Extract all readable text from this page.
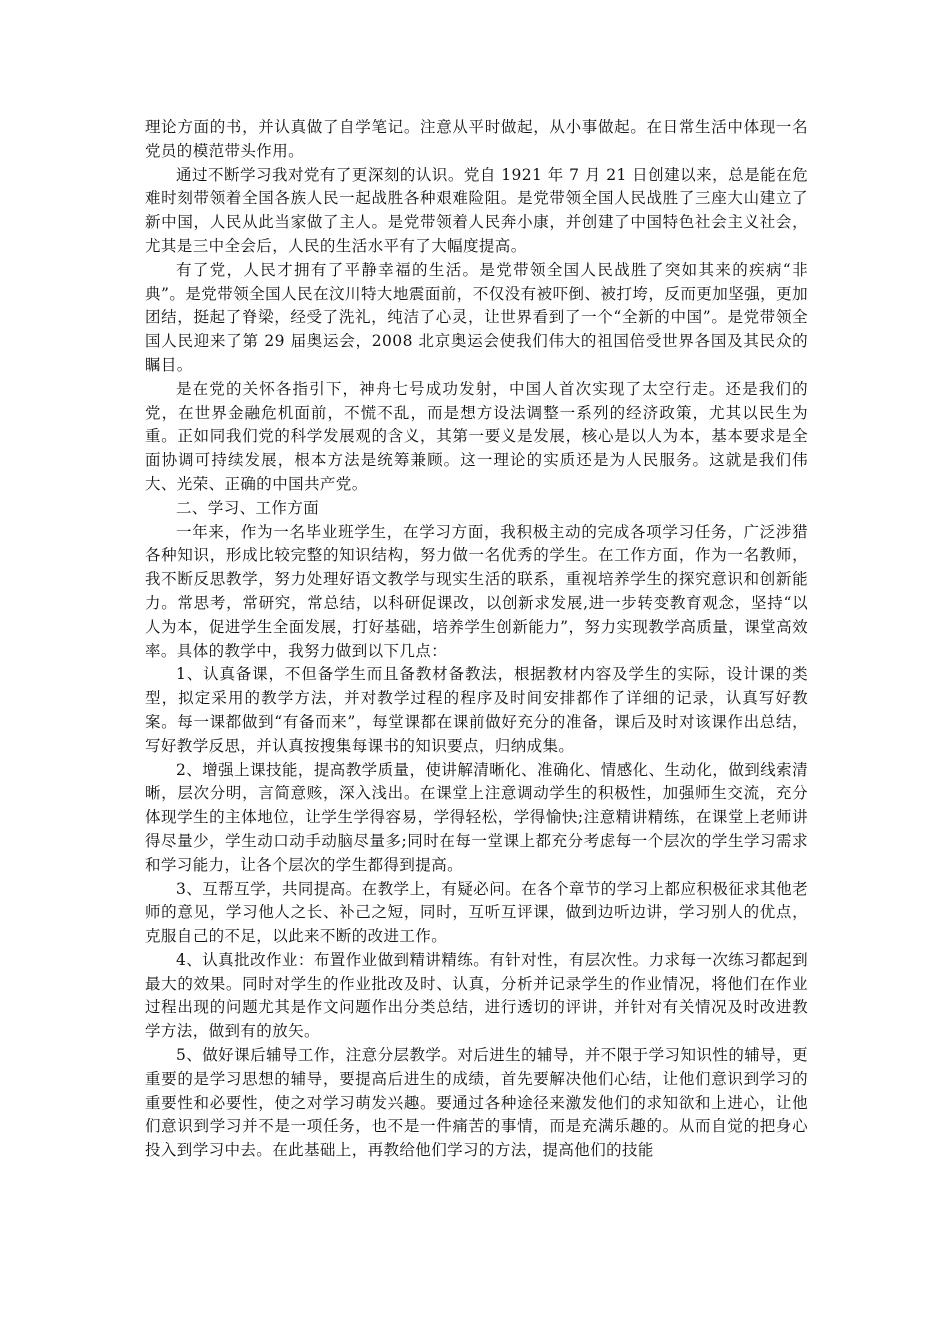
理论方面的书，并认真做了自学笔记。注意从平时做起，从小事做起。在日常生活中体现一名党员的模范带头作用。

通过不断学习我对党有了更深刻的认识。党自 1921 年 7 月 21 日创建以来，总是能在危难时刻带领着全国各族人民一起战胜各种艰难险阻。是党带领全国人民战胜了三座大山建立了新中国，人民从此当家做了主人。是党带领着人民奔小康，并创建了中国特色社会主义社会，尤其是三中全会后，人民的生活水平有了大幅度提高。

有了党，人民才拥有了平静幸福的生活。是党带领全国人民战胜了突如其来的疾病“非典”。是党带领全国人民在汶川特大地震面前，不仅没有被吓倒、被打垮，反而更加坚强，更加团结，挺起了脊梁，经受了洗礼，纯洁了心灵，让世界看到了一个“全新的中国”。是党带领全国人民迎来了第 29 届奥运会，2008 北京奥运会使我们伟大的祖国倍受世界各国及其民众的瞩目。

是在党的关怀各指引下，神舟七号成功发射，中国人首次实现了太空行走。还是我们的党，在世界金融危机面前，不慌不乱，而是想方设法调整一系列的经济政策，尤其以民生为重。正如同我们党的科学发展观的含义，其第一要义是发展，核心是以人为本，基本要求是全面协调可持续发展，根本方法是统筹兼顾。这一理论的实质还是为人民服务。这就是我们伟大、光荣、正确的中国共产党。

二、学习、工作方面

一年来，作为一名毕业班学生，在学习方面，我积极主动的完成各项学习任务，广泛涉猎各种知识，形成比较完整的知识结构，努力做一名优秀的学生。在工作方面，作为一名教师，我不断反思教学，努力处理好语文教学与现实生活的联系，重视培养学生的探究意识和创新能力。常思考，常研究，常总结，以科研促课改，以创新求发展,进一步转变教育观念，坚持“以人为本，促进学生全面发展，打好基础，培养学生创新能力”，努力实现教学高质量，课堂高效率。具体的教学中，我努力做到以下几点：

1、认真备课，不但备学生而且备教材备教法，根据教材内容及学生的实际，设计课的类型，拟定采用的教学方法，并对教学过程的程序及时间安排都作了详细的记录，认真写好教案。每一课都做到“有备而来”，每堂课都在课前做好充分的准备，课后及时对该课作出总结，写好教学反思，并认真按搜集每课书的知识要点，归纳成集。

2、增强上课技能，提高教学质量，使讲解清晰化、准确化、情感化、生动化，做到线索清晰，层次分明，言简意赅，深入浅出。在课堂上注意调动学生的积极性，加强师生交流，充分体现学生的主体地位，让学生学得容易，学得轻松，学得愉快;注意精讲精练，在课堂上老师讲得尽量少，学生动口动手动脑尽量多;同时在每一堂课上都充分考虑每一个层次的学生学习需求和学习能力，让各个层次的学生都得到提高。

3、互帮互学，共同提高。在教学上，有疑必问。在各个章节的学习上都应积极征求其他老师的意见，学习他人之长、补己之短，同时，互听互评课，做到边听边讲，学习别人的优点，克服自己的不足，以此来不断的改进工作。

4、认真批改作业：布置作业做到精讲精练。有针对性，有层次性。力求每一次练习都起到最大的效果。同时对学生的作业批改及时、认真，分析并记录学生的作业情况，将他们在作业过程出现的问题尤其是作文问题作出分类总结，进行透切的评讲，并针对有关情况及时改进教学方法，做到有的放矢。

5、做好课后辅导工作，注意分层教学。对后进生的辅导，并不限于学习知识性的辅导，更重要的是学习思想的辅导，要提高后进生的成绩，首先要解决他们心结，让他们意识到学习的重要性和必要性，使之对学习萌发兴趣。要通过各种途径来激发他们的求知欲和上进心，让他们意识到学习并不是一项任务，也不是一件痛苦的事情，而是充满乐趣的。从而自觉的把身心投入到学习中去。在此基础上，再教给他们学习的方法，提高他们的技能
